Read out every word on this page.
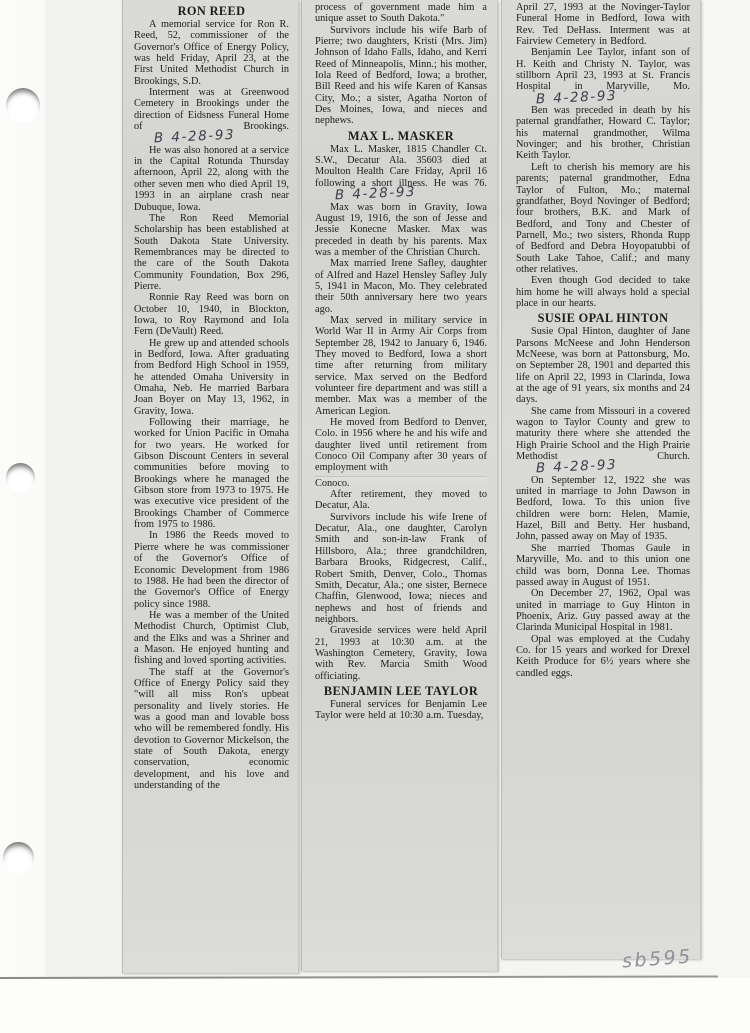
RON REED

A memorial service for Ron R. Reed, 52, commissioner of the Governor's Office of Energy Policy, was held Friday, April 23, at the First United Methodist Church in Brookings, S.D.

Interment was at Greenwood Cemetery in Brookings under the direction of Eidsness Funeral Home of Brookings. B 4-28-93

He was also honored at a service in the Capital Rotunda Thursday afternoon, April 22, along with the other seven men who died April 19, 1993 in an airplane crash near Dubuque, Iowa.

The Ron Reed Memorial Scholarship has been established at South Dakota State University. Remembrances may be directed to the care of the South Dakota Community Foundation, Box 296, Pierre.

Ronnie Ray Reed was born on October 10, 1940, in Blockton, Iowa, to Roy Raymond and Iola Fern (DeVault) Reed.

He grew up and attended schools in Bedford, Iowa. After graduating from Bedford High School in 1959, he attended Omaha University in Omaha, Neb. He married Barbara Joan Boyer on May 13, 1962, in Gravity, Iowa.

Following their marriage, he worked for Union Pacific in Omaha for two years. He worked for Gibson Discount Centers in several communities before moving to Brookings where he managed the Gibson store from 1973 to 1975. He was executive vice president of the Brookings Chamber of Commerce from 1975 to 1986.

In 1986 the Reeds moved to Pierre where he was commissioner of the Governor's Office of Economic Development from 1986 to 1988. He had been the director of the Governor's Office of Energy policy since 1988.

He was a member of the United Methodist Church, Optimist Club, and the Elks and was a Shriner and a Mason. He enjoyed hunting and fishing and loved sporting activities.

The staff at the Governor's Office of Energy Policy said they "will all miss Ron's upbeat personality and lively stories. He was a good man and lovable boss who will be remembered fondly. His devotion to Governor Mickelson, the state of South Dakota, energy conservation, economic development, and his love and understanding of the

process of government made him a unique asset to South Dakota."

Survivors include his wife Barb of Pierre; two daughters, Kristi (Mrs. Jim) Johnson of Idaho Falls, Idaho, and Kerri Reed of Minneapolis, Minn.; his mother, Iola Reed of Bedford, Iowa; a brother, Bill Reed and his wife Karen of Kansas City, Mo.; a sister, Agatha Norton of Des Moines, Iowa, and nieces and nephews.

MAX L. MASKER

Max L. Masker, 1815 Chandler Ct. S.W., Decatur Ala. 35603 died at Moulton Health Care Friday, April 16 following a short illness. He was 76. B 4-28-93

Max was born in Gravity, Iowa August 19, 1916, the son of Jesse and Jessie Konecne Masker. Max was preceded in death by his parents. Max was a member of the Christian Church.

Max married Irene Safley, daughter of Alfred and Hazel Hensley Safley July 5, 1941 in Macon, Mo. They celebrated their 50th anniversary here two years ago.

Max served in military service in World War II in Army Air Corps from September 28, 1942 to January 6, 1946. They moved to Bedford, Iowa a short time after returning from military service. Max served on the Bedford volunteer fire department and was still a member. Max was a member of the American Legion.

He moved from Bedford to Denver, Colo. in 1956 where he and his wife and daughter lived until retirement from Conoco Oil Company after 30 years of employment with

Conoco.

After retirement, they moved to Decatur, Ala.

Survivors include his wife Irene of Decatur, Ala., one daughter, Carolyn Smith and son-in-law Frank of Hillsboro, Ala.; three grandchildren, Barbara Brooks, Ridgecrest, Calif., Robert Smith, Denver, Colo., Thomas Smith, Decatur, Ala.; one sister, Bernece Chaffin, Glenwood, Iowa; nieces and nephews and host of friends and neighbors.

Graveside services were held April 21, 1993 at 10:30 a.m. at the Washington Cemetery, Gravity, Iowa with Rev. Marcia Smith Wood officiating.

BENJAMIN LEE TAYLOR

Funeral services for Benjamin Lee Taylor were held at 10:30 a.m. Tuesday,

April 27, 1993 at the Novinger-Taylor Funeral Home in Bedford, Iowa with Rev. Ted DeHass. Interment was at Fairview Cemetery in Bedford.

Benjamin Lee Taylor, infant son of H. Keith and Christy N. Taylor, was stillborn April 23, 1993 at St. Francis Hospital in Maryville, Mo. B 4-28-93

Ben was preceded in death by his paternal grandfather, Howard C. Taylor; his maternal grandmother, Wilma Novinger; and his brother, Christian Keith Taylor.

Left to cherish his memory are his parents; paternal grandmother, Edna Taylor of Fulton, Mo.; maternal grandfather, Boyd Novinger of Bedford; four brothers, B.K. and Mark of Bedford, and Tony and Chester of Parnell, Mo.; two sisters, Rhonda Rupp of Bedford and Debra Hoyopatubbi of South Lake Tahoe, Calif.; and many other relatives.

Even though God decided to take him home he will always hold a special place in our hearts.

SUSIE OPAL HINTON

Susie Opal Hinton, daughter of Jane Parsons McNeese and John Henderson McNeese, was born at Pattonsburg, Mo. on September 28, 1901 and departed this life on April 22, 1993 in Clarinda, Iowa at the age of 91 years, six months and 24 days.

She came from Missouri in a covered wagon to Taylor County and grew to maturity there where she attended the High Prairie School and the High Prairie Methodist Church. B 4-28-93

On September 12, 1922 she was united in marriage to John Dawson in Bedford, Iowa. To this union five children were born: Helen, Mamie, Hazel, Bill and Betty. Her husband, John, passed away on May of 1935.

She married Thomas Gaule in Maryville, Mo. and to this union one child was born, Donna Lee. Thomas passed away in August of 1951.

On December 27, 1962, Opal was united in marriage to Guy Hinton in Phoenix, Ariz. Guy passed away at the Clarinda Municipal Hospital in 1981.

Opal was employed at the Cudahy Co. for 15 years and worked for Drexel Keith Produce for 6½ years where she candled eggs.

sb595
